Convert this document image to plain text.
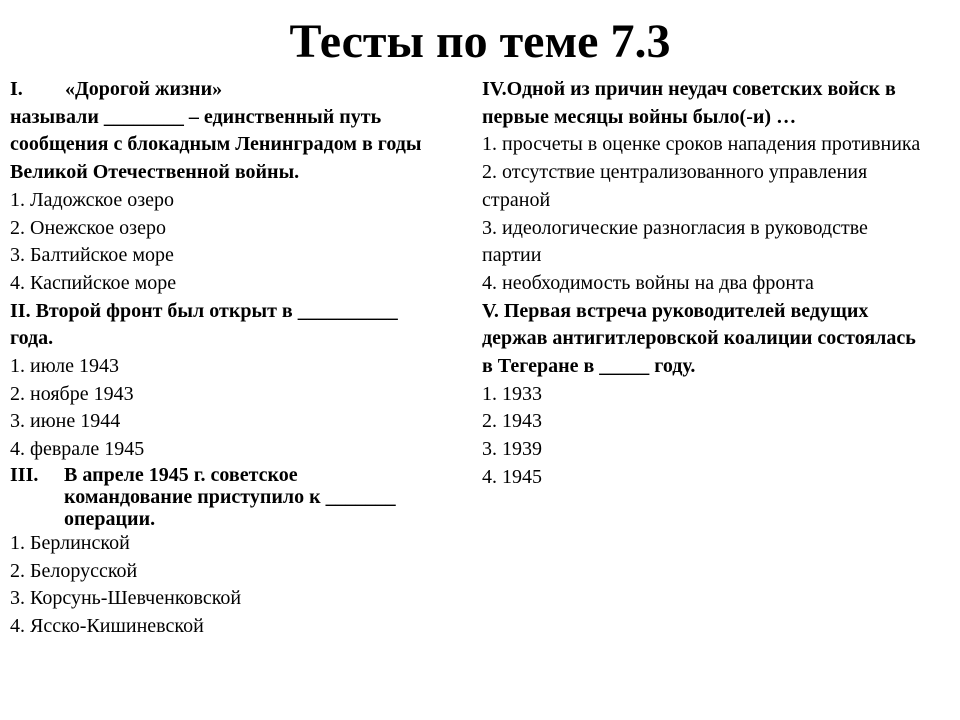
Тесты по теме 7.3
I.	«Дорогой жизни»
называли ________ – единственный путь сообщения с блокадным Ленинградом в годы Великой Отечественной войны.
1. Ладожское озеро
2. Онежское озеро
3. Балтийское море
4. Каспийское море
II. Второй фронт был открыт в __________ года.
1. июле 1943
2. ноябре 1943
3. июне 1944
4. феврале 1945
III.	В апреле 1945 г. советское командование приступило к _______ операции.
1. Берлинской
2. Белорусской
3. Корсунь-Шевченковской
4. Ясско-Кишиневской
IV.Одной из причин неудач советских войск в первые месяцы войны было(-и) …
1. просчеты в оценке сроков нападения противника
2. отсутствие централизованного управления страной
3. идеологические разногласия в руководстве партии
4. необходимость войны на два фронта
V. Первая встреча руководителей ведущих держав антигитлеровской коалиции состоялась в Тегеране в _____ году.
1. 1933
2. 1943
3. 1939
4. 1945
